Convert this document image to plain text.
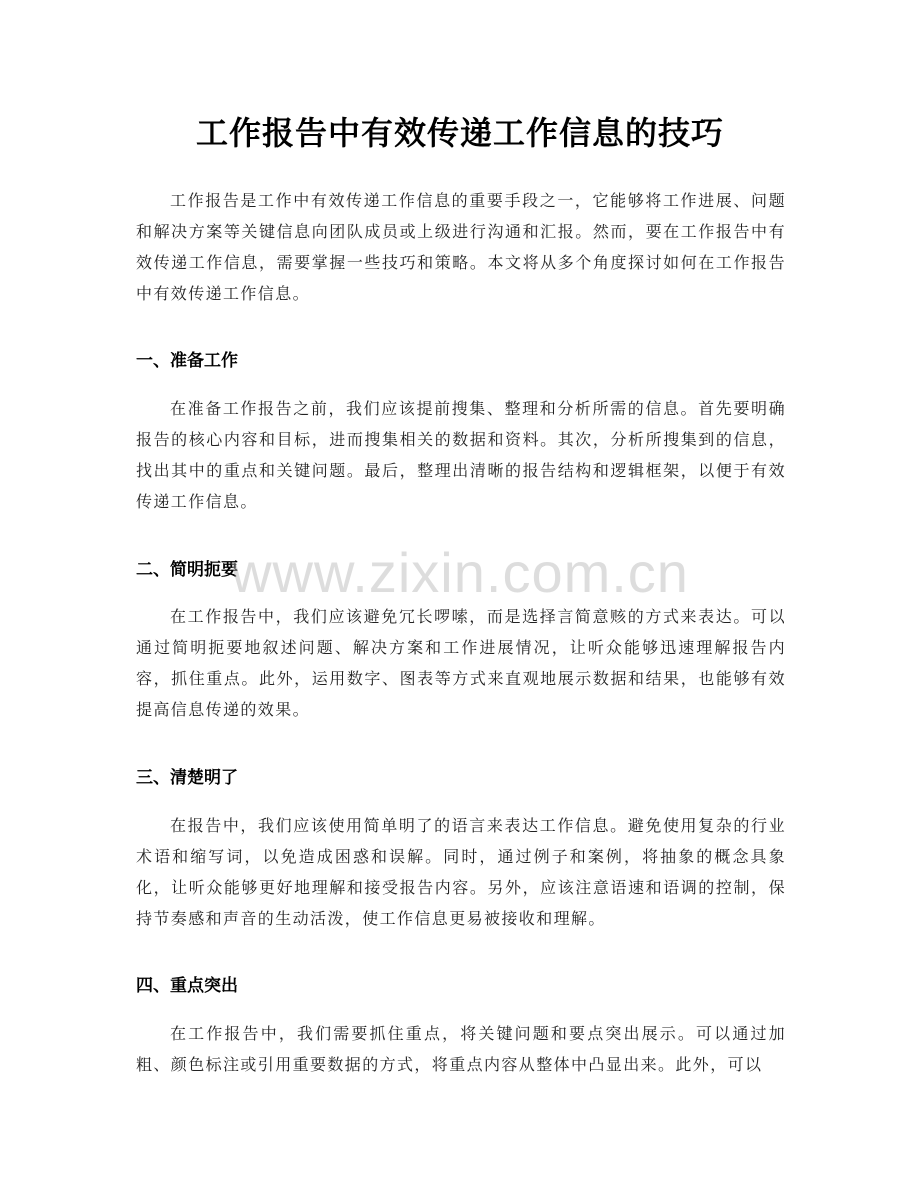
工作报告中有效传递工作信息的技巧

工作报告是工作中有效传递工作信息的重要手段之一，它能够将工作进展、问题和解决方案等关键信息向团队成员或上级进行沟通和汇报。然而，要在工作报告中有效传递工作信息，需要掌握一些技巧和策略。本文将从多个角度探讨如何在工作报告中有效传递工作信息。

一、准备工作

在准备工作报告之前，我们应该提前搜集、整理和分析所需的信息。首先要明确报告的核心内容和目标，进而搜集相关的数据和资料。其次，分析所搜集到的信息，找出其中的重点和关键问题。最后，整理出清晰的报告结构和逻辑框架，以便于有效传递工作信息。

二、简明扼要

在工作报告中，我们应该避免冗长啰嗦，而是选择言简意赅的方式来表达。可以通过简明扼要地叙述问题、解决方案和工作进展情况，让听众能够迅速理解报告内容，抓住重点。此外，运用数字、图表等方式来直观地展示数据和结果，也能够有效提高信息传递的效果。

三、清楚明了

在报告中，我们应该使用简单明了的语言来表达工作信息。避免使用复杂的行业术语和缩写词，以免造成困惑和误解。同时，通过例子和案例，将抽象的概念具象化，让听众能够更好地理解和接受报告内容。另外，应该注意语速和语调的控制，保持节奏感和声音的生动活泼，使工作信息更易被接收和理解。

四、重点突出

在工作报告中，我们需要抓住重点，将关键问题和要点突出展示。可以通过加粗、颜色标注或引用重要数据的方式，将重点内容从整体中凸显出来。此外，可以

www.zixin.com.cn
